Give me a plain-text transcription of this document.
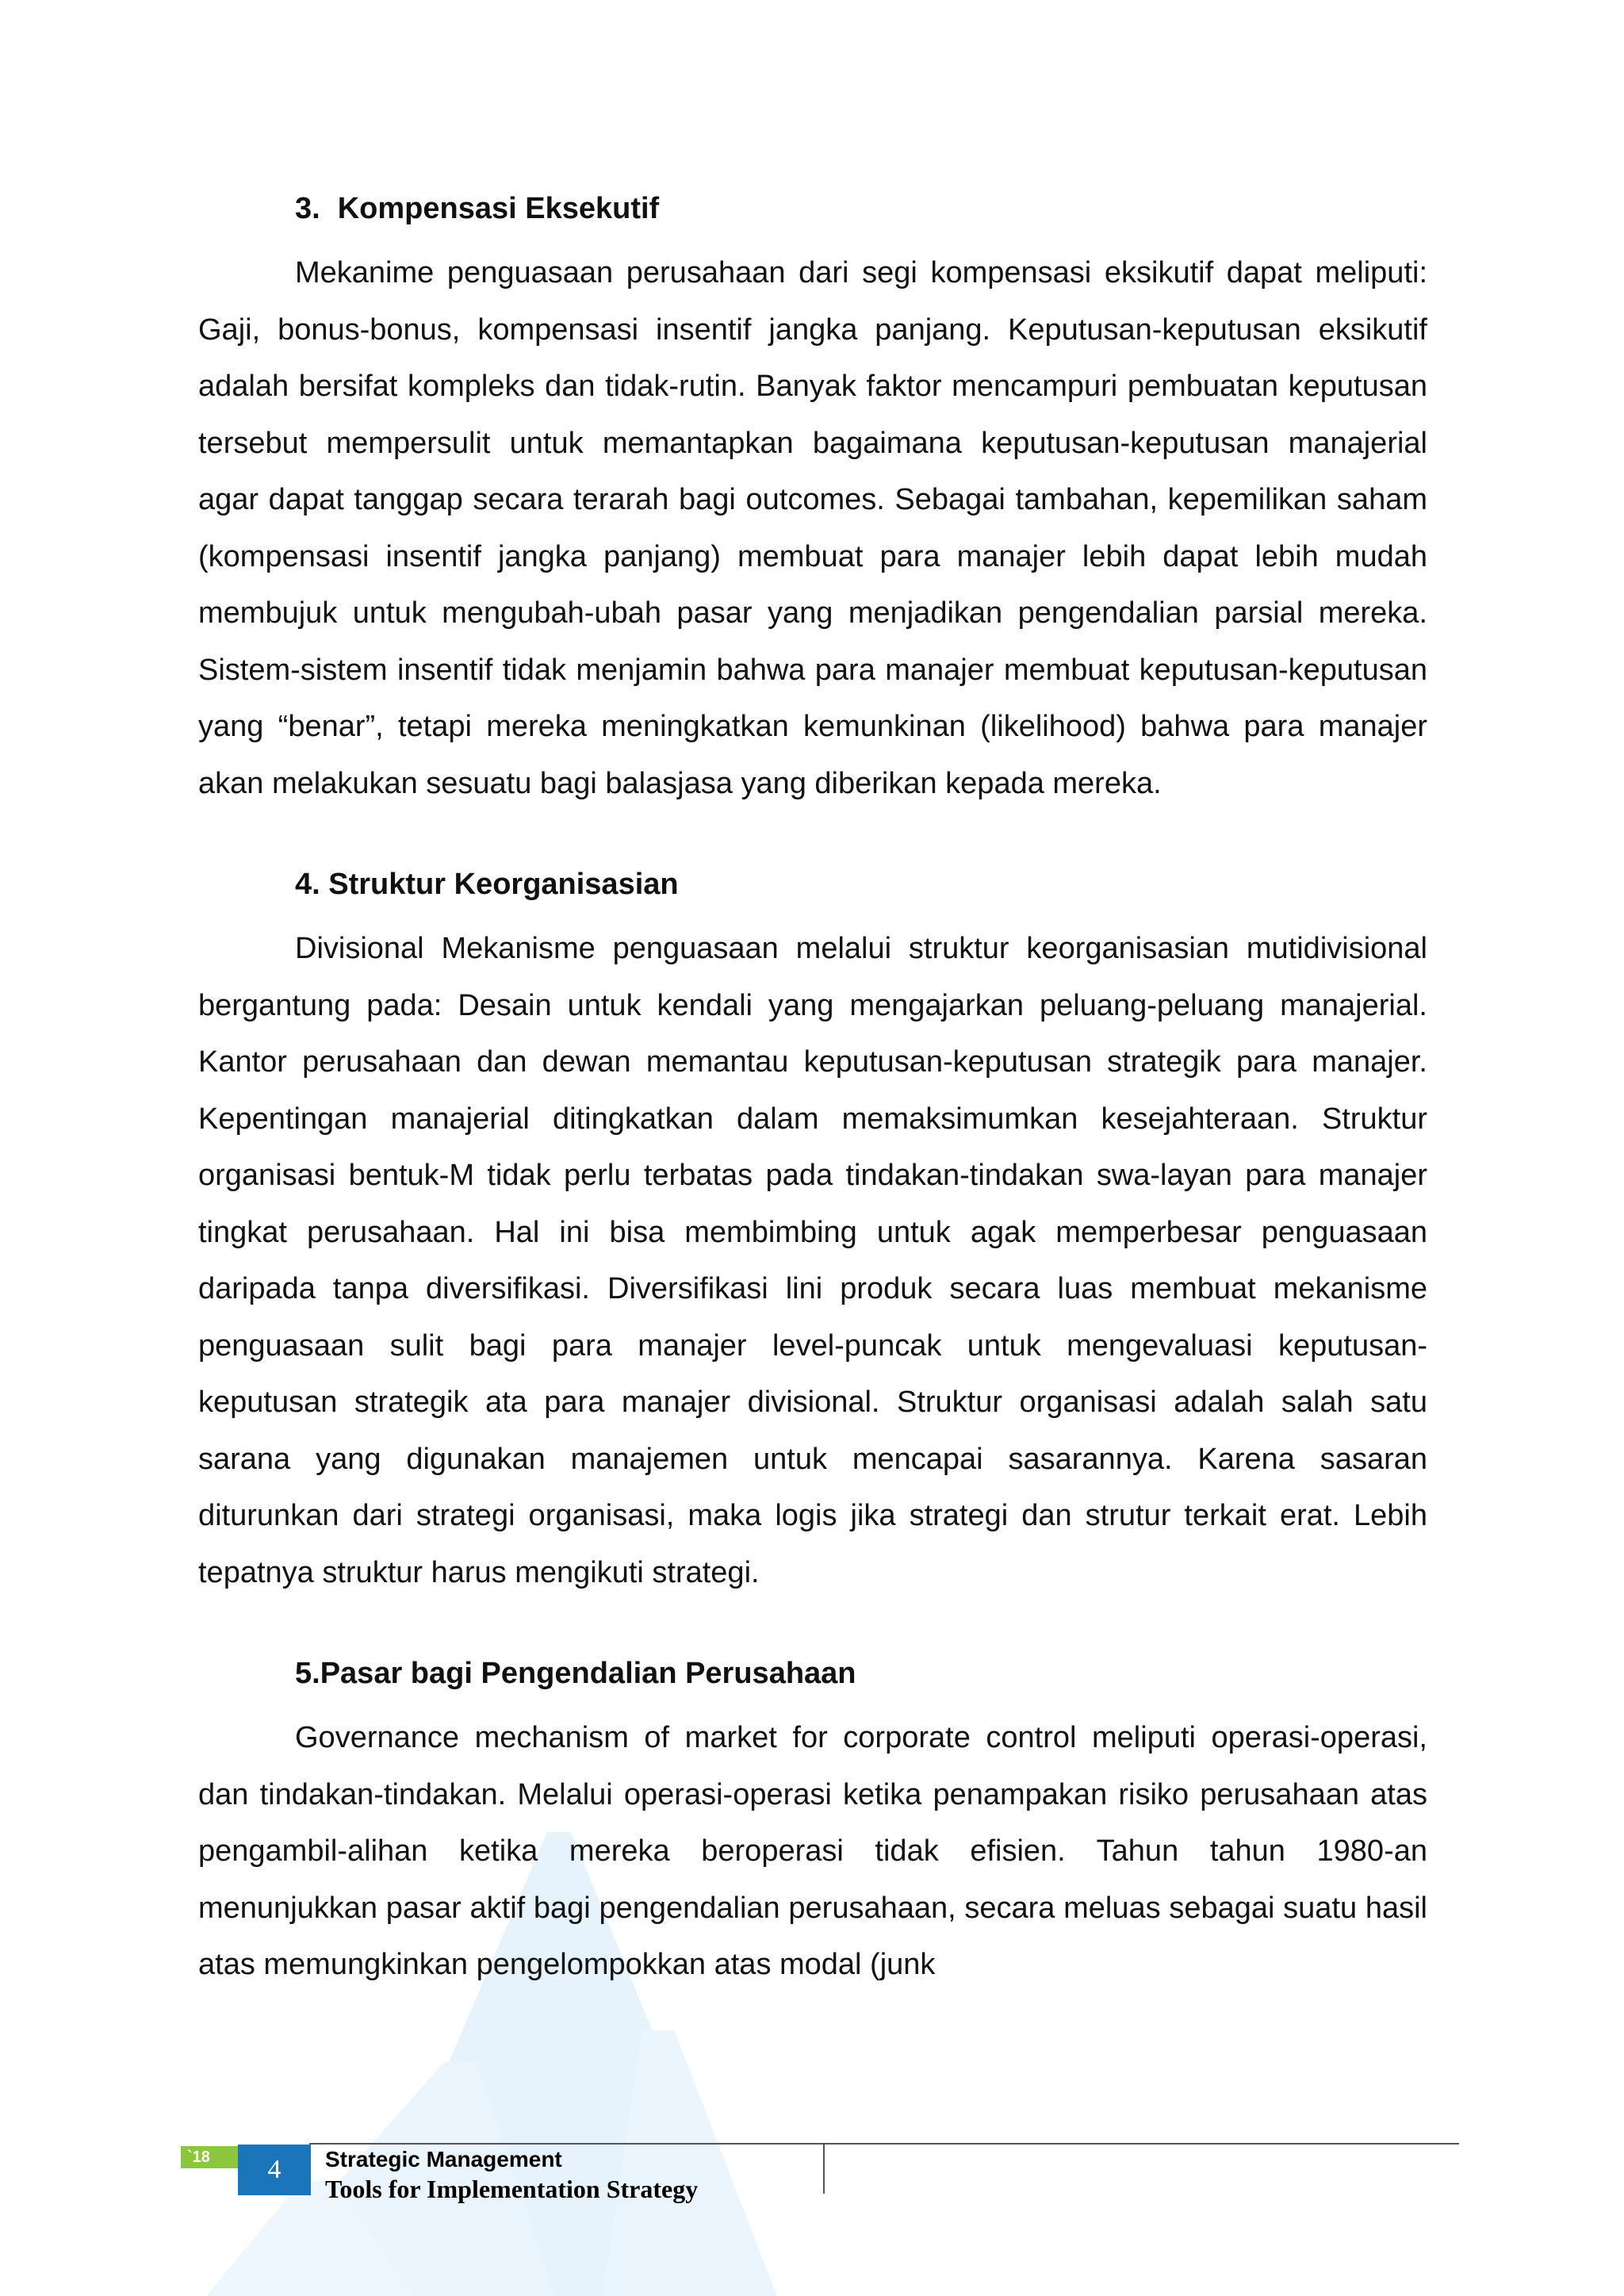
3. Kompensasi Eksekutif

Mekanime penguasaan perusahaan dari segi kompensasi eksikutif dapat meliputi: Gaji, bonus-bonus, kompensasi insentif jangka panjang. Keputusan-keputusan eksikutif adalah bersifat kompleks dan tidak-rutin. Banyak faktor mencampuri pembuatan keputusan tersebut mempersulit untuk memantapkan bagaimana keputusan-keputusan manajerial agar dapat tanggap secara terarah bagi outcomes. Sebagai tambahan, kepemilikan saham (kompensasi insentif jangka panjang) membuat para manajer lebih dapat lebih mudah membujuk untuk mengubah-ubah pasar yang menjadikan pengendalian parsial mereka. Sistem-sistem insentif tidak menjamin bahwa para manajer membuat keputusan-keputusan yang “benar”, tetapi mereka meningkatkan kemunkinan (likelihood) bahwa para manajer akan melakukan sesuatu bagi balasjasa yang diberikan kepada mereka.

4. Struktur Keorganisasian

Divisional Mekanisme penguasaan melalui struktur keorganisasian mutidivisional bergantung pada: Desain untuk kendali yang mengajarkan peluang-peluang manajerial. Kantor perusahaan dan dewan memantau keputusan-keputusan strategik para manajer. Kepentingan manajerial ditingkatkan dalam memaksimumkan kesejahteraan. Struktur organisasi bentuk-M tidak perlu terbatas pada tindakan-tindakan swa-layan para manajer tingkat perusahaan. Hal ini bisa membimbing untuk agak memperbesar penguasaan daripada tanpa diversifikasi. Diversifikasi lini produk secara luas membuat mekanisme penguasaan sulit bagi para manajer level-puncak untuk mengevaluasi keputusan-keputusan strategik ata para manajer divisional. Struktur organisasi adalah salah satu sarana yang digunakan manajemen untuk mencapai sasarannya. Karena sasaran diturunkan dari strategi organisasi, maka logis jika strategi dan strutur terkait erat. Lebih tepatnya struktur harus mengikuti strategi.

5.Pasar bagi Pengendalian Perusahaan

Governance mechanism of market for corporate control meliputi operasi-operasi, dan tindakan-tindakan. Melalui operasi-operasi ketika penampakan risiko perusahaan atas pengambil-alihan ketika mereka beroperasi tidak efisien. Tahun tahun 1980-an menunjukkan pasar aktif bagi pengendalian perusahaan, secara meluas sebagai suatu hasil atas memungkinkan pengelompokkan atas modal (junk

`18	4	Strategic Management
Tools for Implementation Strategy
